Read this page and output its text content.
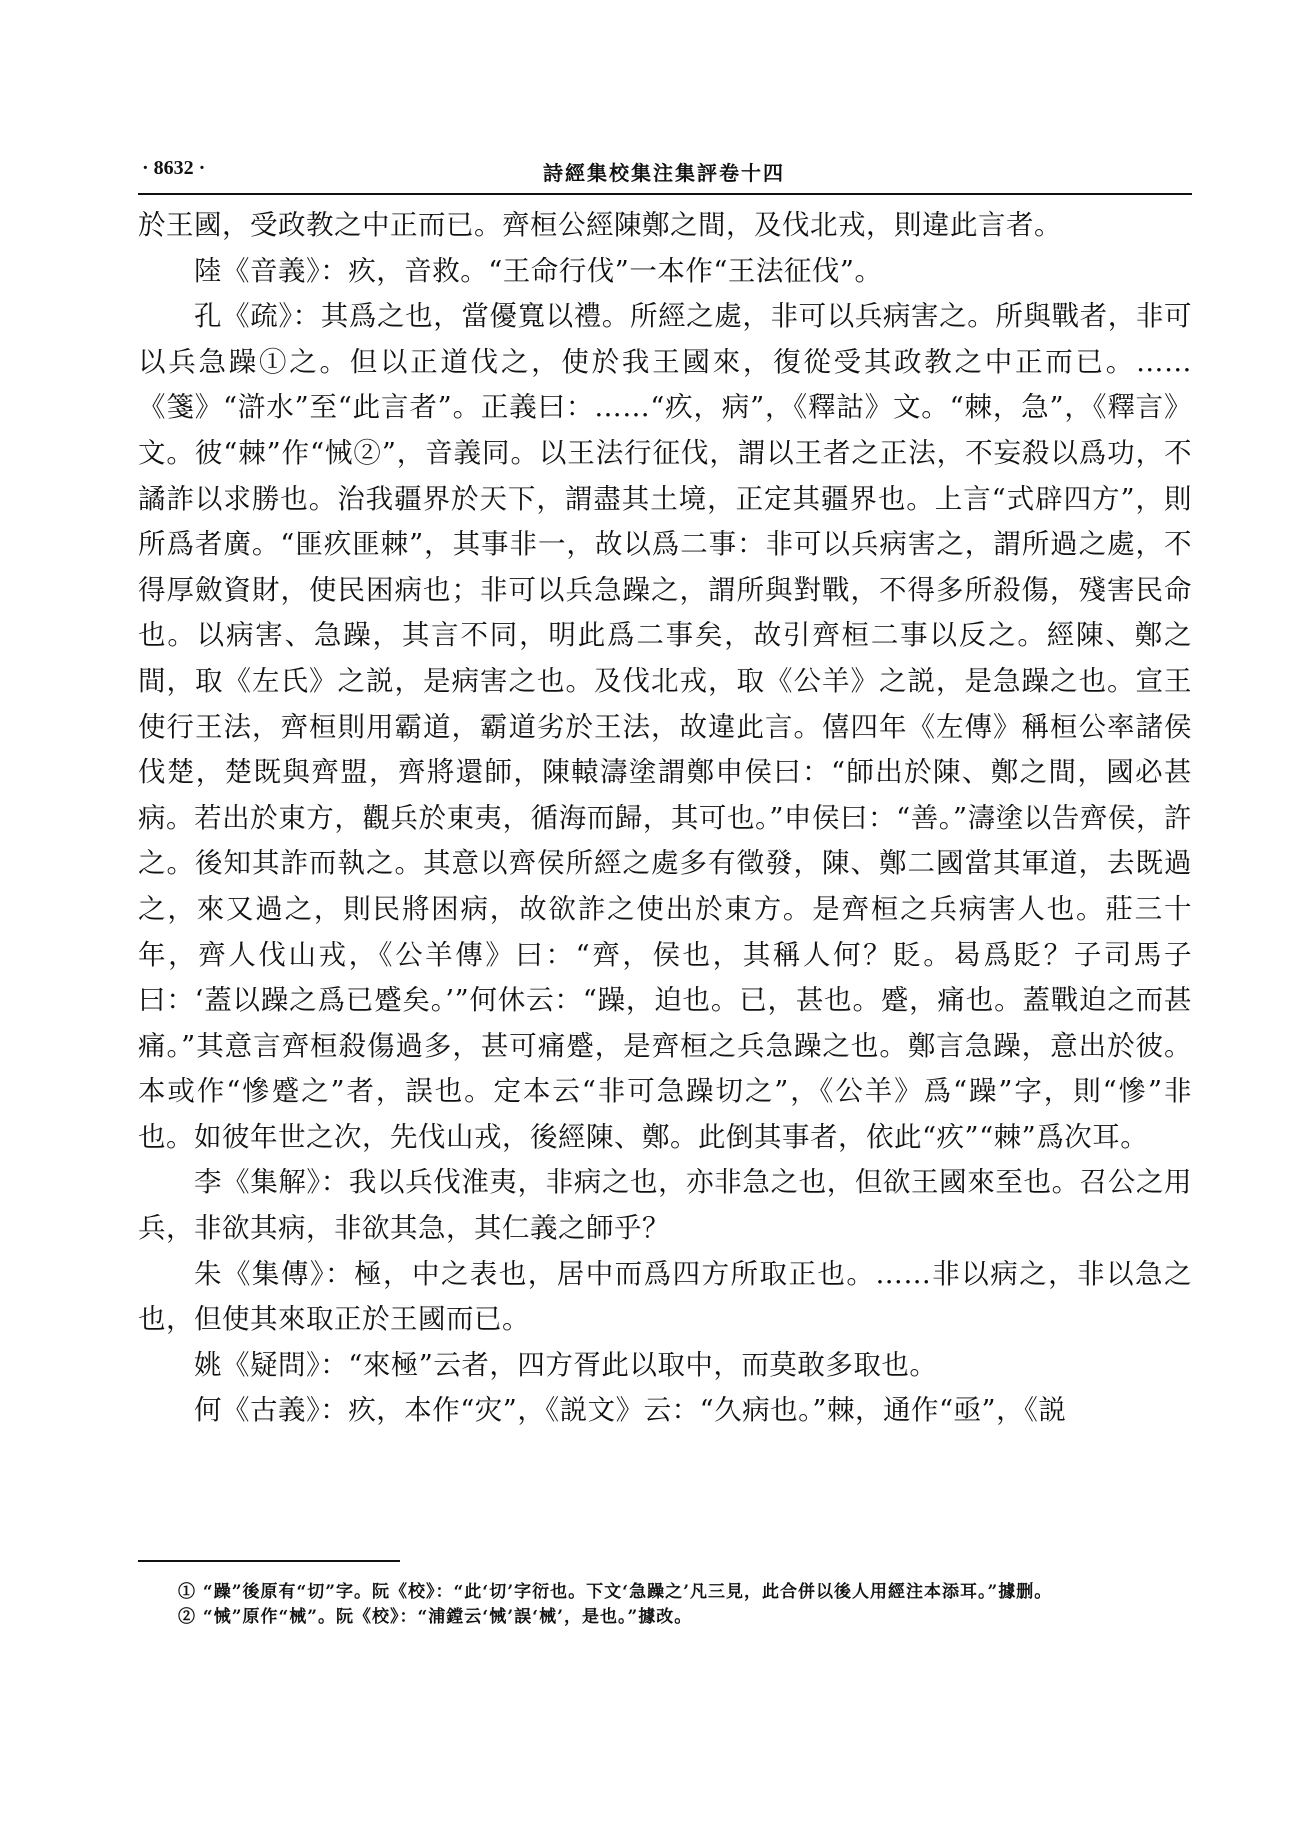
· 8632 ·	詩經集校集注集評卷十四

於王國，受政教之中正而已。齊桓公經陳鄭之間，及伐北戎，則違此言者。

陸《音義》：疚，音救。“王命行伐”一本作“王法征伐”。

孔《疏》：其爲之也，當優寬以禮。所經之處，非可以兵病害之。所與戰者，非可以兵急躁①之。但以正道伐之，使於我王國來，復從受其政教之中正而已。……《箋》“滸水”至“此言者”。正義曰：……“疚，病”，《釋詁》文。“棘，急”，《釋言》文。彼“棘”作“悈②”，音義同。以王法行征伐，謂以王者之正法，不妄殺以爲功，不譎詐以求勝也。治我疆界於天下，謂盡其土境，正定其疆界也。上言“式辟四方”，則所爲者廣。“匪疚匪棘”，其事非一，故以爲二事：非可以兵病害之，謂所過之處，不得厚斂資財，使民困病也；非可以兵急躁之，謂所與對戰，不得多所殺傷，殘害民命也。以病害、急躁，其言不同，明此爲二事矣，故引齊桓二事以反之。經陳、鄭之間，取《左氏》之説，是病害之也。及伐北戎，取《公羊》之説，是急躁之也。宣王使行王法，齊桓則用霸道，霸道劣於王法，故違此言。僖四年《左傳》稱桓公率諸侯伐楚，楚既與齊盟，齊將還師，陳轅濤塗謂鄭申侯曰：“師出於陳、鄭之間，國必甚病。若出於東方，觀兵於東夷，循海而歸，其可也。”申侯曰：“善。”濤塗以告齊侯，許之。後知其詐而執之。其意以齊侯所經之處多有徵發，陳、鄭二國當其軍道，去既過之，來又過之，則民將困病，故欲詐之使出於東方。是齊桓之兵病害人也。莊三十年，齊人伐山戎，《公羊傳》曰：“齊，侯也，其稱人何？貶。曷爲貶？子司馬子曰：‘蓋以躁之爲已蹙矣。’”何休云：“躁，迫也。已，甚也。蹙，痛也。蓋戰迫之而甚痛。”其意言齊桓殺傷過多，甚可痛蹙，是齊桓之兵急躁之也。鄭言急躁，意出於彼。本或作“慘蹙之”者，誤也。定本云“非可急躁切之”，《公羊》爲“躁”字，則“慘”非也。如彼年世之次，先伐山戎，後經陳、鄭。此倒其事者，依此“疚”“棘”爲次耳。

李《集解》：我以兵伐淮夷，非病之也，亦非急之也，但欲王國來至也。召公之用兵，非欲其病，非欲其急，其仁義之師乎？

朱《集傳》：極，中之表也，居中而爲四方所取正也。……非以病之，非以急之也，但使其來取正於王國而已。

姚《疑問》：“來極”云者，四方胥此以取中，而莫敢多取也。

何《古義》：疚，本作“灾”，《説文》云：“久病也。”棘，通作“亟”，《説

① “躁”後原有“切”字。阮《校》：“此‘切’字衍也。下文‘急躁之’凡三見，此合併以後人用經注本添耳。”據删。

② “悈”原作“械”。阮《校》：“浦鏜云‘悈’誤‘械’，是也。”據改。
